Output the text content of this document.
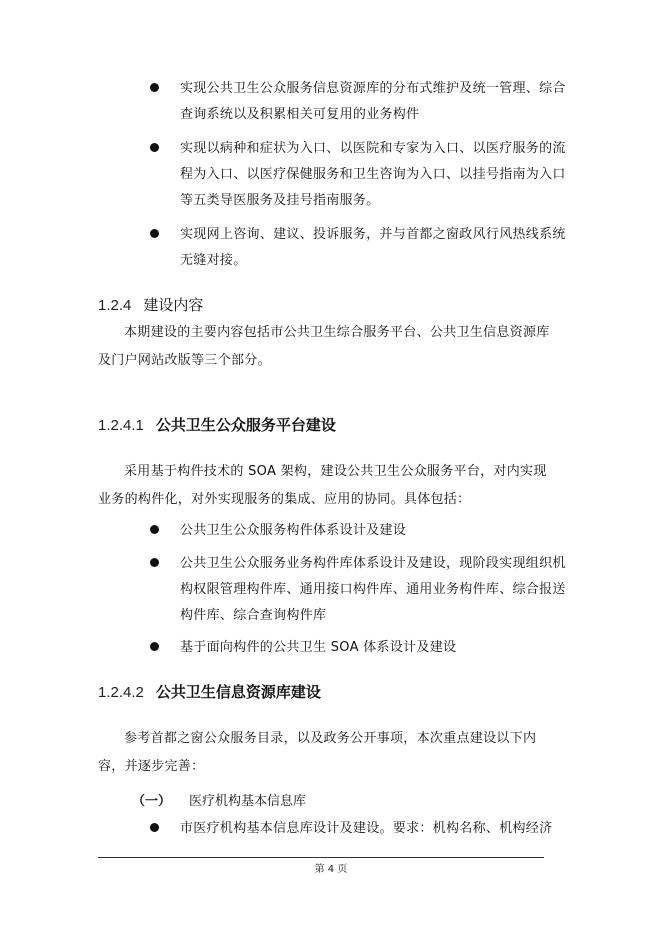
实现公共卫生公众服务信息资源库的分布式维护及统一管理、综合查询系统以及积累相关可复用的业务构件
实现以病种和症状为入口、以医院和专家为入口、以医疗服务的流程为入口、以医疗保健服务和卫生咨询为入口、以挂号指南为入口等五类导医服务及挂号指南服务。
实现网上咨询、建议、投诉服务，并与首都之窗政风行风热线系统无缝对接。
1.2.4 建设内容
本期建设的主要内容包括市公共卫生综合服务平台、公共卫生信息资源库及门户网站改版等三个部分。
1.2.4.1 公共卫生公众服务平台建设
采用基于构件技术的 SOA 架构，建设公共卫生公众服务平台，对内实现业务的构件化，对外实现服务的集成、应用的协同。具体包括：
公共卫生公众服务构件体系设计及建设
公共卫生公众服务业务构件库体系设计及建设，现阶段实现组织机构权限管理构件库、通用接口构件库、通用业务构件库、综合报送构件库、综合查询构件库
基于面向构件的公共卫生 SOA 体系设计及建设
1.2.4.2 公共卫生信息资源库建设
参考首都之窗公众服务目录，以及政务公开事项，本次重点建设以下内容，并逐步完善：
（一） 医疗机构基本信息库
市医疗机构基本信息库设计及建设。要求：机构名称、机构经济
第 4 页
